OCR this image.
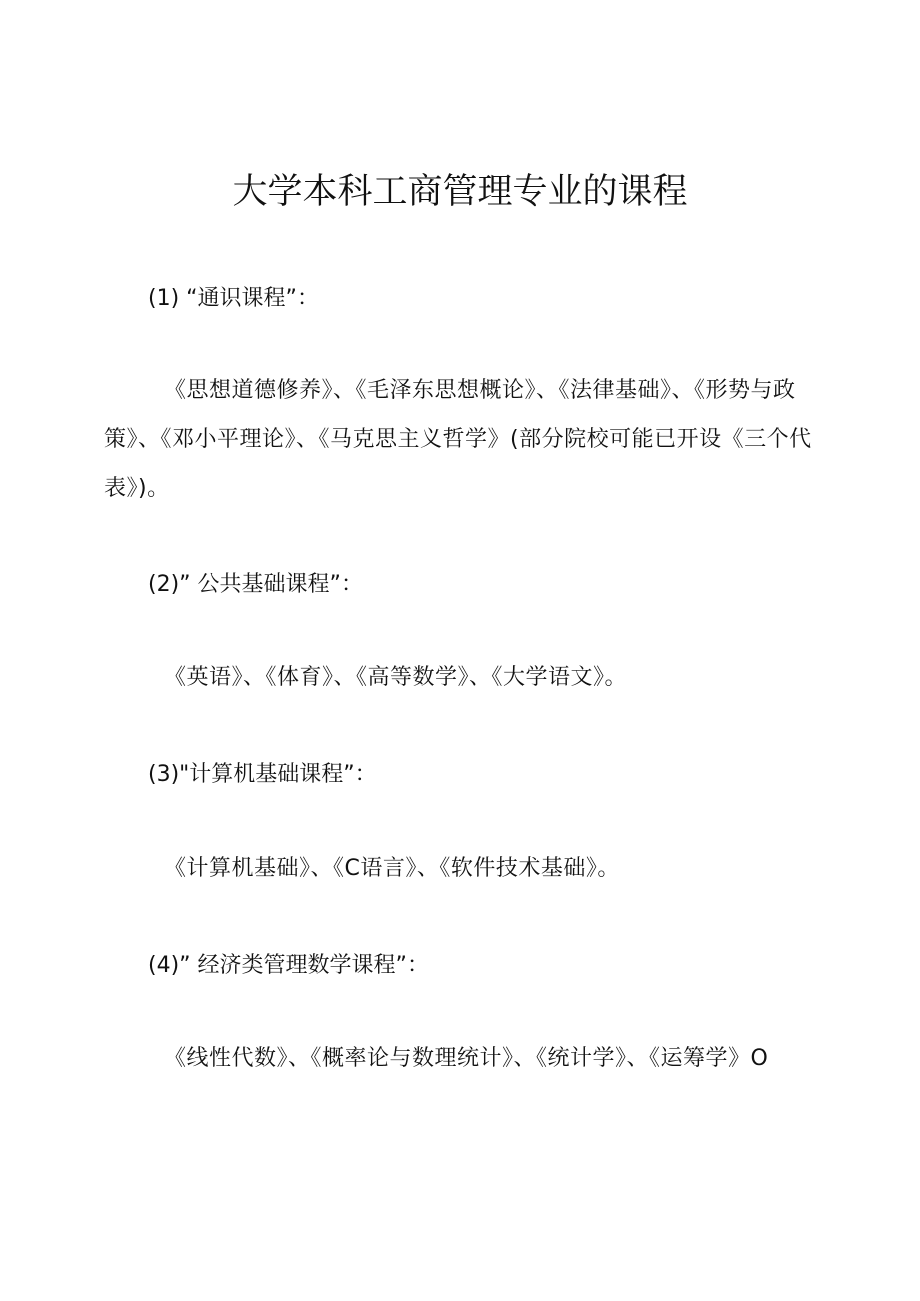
大学本科工商管理专业的课程

(1) “通识课程”：

《思想道德修养》、《毛泽东思想概论》、《法律基础》、《形势与政策》、《邓小平理论》、《马克思主义哲学》(部分院校可能已开设《三个代表》)。

(2)” 公共基础课程”：

《英语》、《体育》、《高等数学》、《大学语文》。

(3)"计算机基础课程”：

《计算机基础》、《C语言》、《软件技术基础》。

(4)” 经济类管理数学课程”：

《线性代数》、《概率论与数理统计》、《统计学》、《运筹学》O
